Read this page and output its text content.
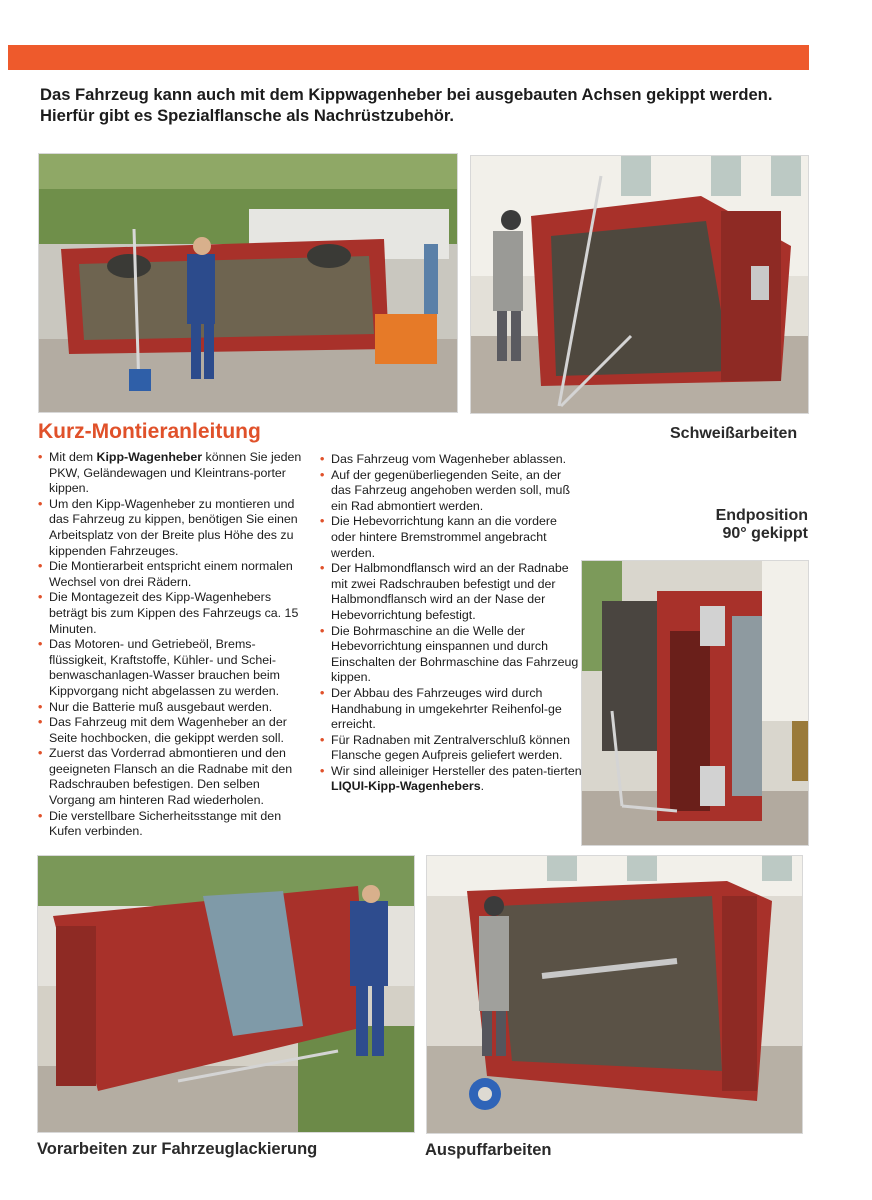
Das Fahrzeug kann auch mit dem Kippwagenheber bei ausgebauten Achsen gekippt werden.
Hierfür gibt es Spezialflansche als Nachrüstzubehör.
Schweißarbeiten
Endposition
90° gekippt
Kurz-Montieranleitung
• Mit dem Kipp-Wagenheber können Sie jeden PKW, Geländewagen und Kleintrans-porter kippen.
• Um den Kipp-Wagenheber zu montieren und das Fahrzeug zu kippen, benötigen Sie einen Arbeitsplatz von der Breite plus Höhe des zu kippenden Fahrzeuges.
• Die Montierarbeit entspricht einem normalen Wechsel von drei Rädern.
• Die Montagezeit des Kipp-Wagenhebers beträgt bis zum Kippen des Fahrzeugs ca. 15 Minuten.
• Das Motoren- und Getriebeöl, Brems-flüssigkeit, Kraftstoffe, Kühler- und Schei-benwaschanlagen-Wasser brauchen beim Kippvorgang nicht abgelassen zu werden.
• Nur die Batterie muß ausgebaut werden.
• Das Fahrzeug mit dem Wagenheber an der Seite hochbocken, die gekippt werden soll.
• Zuerst das Vorderrad abmontieren und den geeigneten Flansch an die Radnabe mit den Radschrauben befestigen. Den selben Vorgang am hinteren Rad wiederholen.
• Die verstellbare Sicherheitsstange mit den Kufen verbinden.
• Das Fahrzeug vom Wagenheber ablassen.
• Auf der gegenüberliegenden Seite, an der das Fahrzeug angehoben werden soll, muß ein Rad abmontiert werden.
• Die Hebevorrichtung kann an die vordere oder hintere Bremstrommel angebracht werden.
• Der Halbmondflansch wird an der Radnabe mit zwei Radschrauben befestigt und der Halbmondflansch wird an der Nase der Hebevorrichtung befestigt.
• Die Bohrmaschine an die Welle der Hebevorrichtung einspannen und durch Einschalten der Bohrmaschine das Fahrzeug kippen.
• Der Abbau des Fahrzeuges wird durch Handhabung in umgekehrter Reihenfol-ge erreicht.
• Für Radnaben mit Zentralverschluß können Flansche gegen Aufpreis geliefert werden.
• Wir sind alleiniger Hersteller des paten-tierten LIQUI-Kipp-Wagenhebers.
Vorarbeiten zur Fahrzeuglackierung	Auspuffarbeiten
